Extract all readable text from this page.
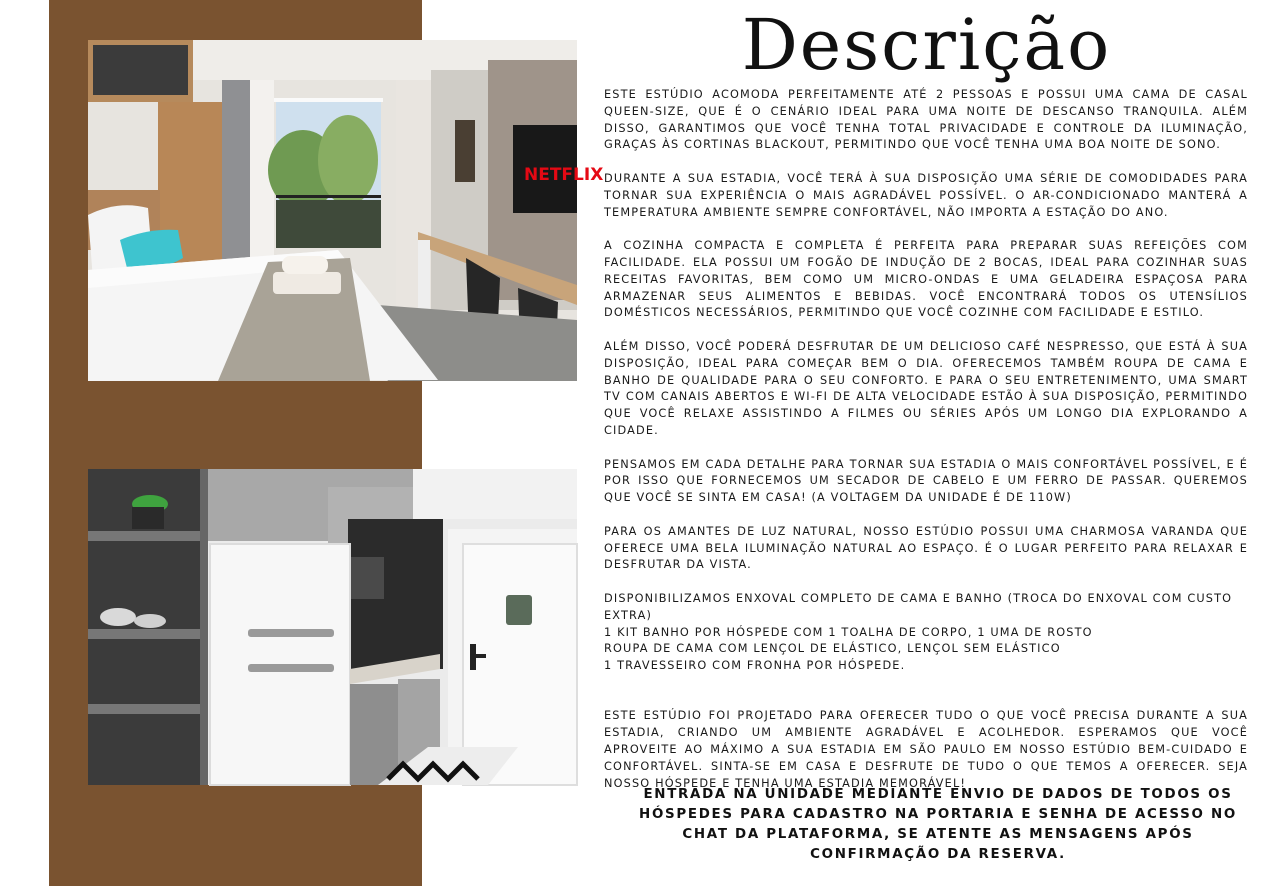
NETFLIX
Descrição

ESTE ESTÚDIO ACOMODA PERFEITAMENTE ATÉ 2 PESSOAS E POSSUI UMA CAMA DE CASAL QUEEN-SIZE, QUE É O CENÁRIO IDEAL PARA UMA NOITE DE DESCANSO TRANQUILA. ALÉM DISSO, GARANTIMOS QUE VOCÊ TENHA TOTAL PRIVACIDADE E CONTROLE DA ILUMINAÇÃO, GRAÇAS ÀS CORTINAS BLACKOUT, PERMITINDO QUE VOCÊ TENHA UMA BOA NOITE DE SONO.

DURANTE A SUA ESTADIA, VOCÊ TERÁ À SUA DISPOSIÇÃO UMA SÉRIE DE COMODIDADES PARA TORNAR SUA EXPERIÊNCIA O MAIS AGRADÁVEL POSSÍVEL. O AR-CONDICIONADO MANTERÁ A TEMPERATURA AMBIENTE SEMPRE CONFORTÁVEL, NÃO IMPORTA A ESTAÇÃO DO ANO.

A COZINHA COMPACTA E COMPLETA É PERFEITA PARA PREPARAR SUAS REFEIÇÕES COM FACILIDADE. ELA POSSUI UM FOGÃO DE INDUÇÃO DE 2 BOCAS, IDEAL PARA COZINHAR SUAS RECEITAS FAVORITAS, BEM COMO UM MICRO-ONDAS E UMA GELADEIRA ESPAÇOSA PARA ARMAZENAR SEUS ALIMENTOS E BEBIDAS. VOCÊ ENCONTRARÁ TODOS OS UTENSÍLIOS DOMÉSTICOS NECESSÁRIOS, PERMITINDO QUE VOCÊ COZINHE COM FACILIDADE E ESTILO.

ALÉM DISSO, VOCÊ PODERÁ DESFRUTAR DE UM DELICIOSO CAFÉ NESPRESSO, QUE ESTÁ À SUA DISPOSIÇÃO, IDEAL PARA COMEÇAR BEM O DIA. OFERECEMOS TAMBÉM ROUPA DE CAMA E BANHO DE QUALIDADE PARA O SEU CONFORTO. E PARA O SEU ENTRETENIMENTO, UMA SMART TV COM CANAIS ABERTOS E WI-FI DE ALTA VELOCIDADE ESTÃO À SUA DISPOSIÇÃO, PERMITINDO QUE VOCÊ RELAXE ASSISTINDO A FILMES OU SÉRIES APÓS UM LONGO DIA EXPLORANDO A CIDADE.

PENSAMOS EM CADA DETALHE PARA TORNAR SUA ESTADIA O MAIS CONFORTÁVEL POSSÍVEL, E É POR ISSO QUE FORNECEMOS UM SECADOR DE CABELO E UM FERRO DE PASSAR. QUEREMOS QUE VOCÊ SE SINTA EM CASA! (A VOLTAGEM DA UNIDADE É DE 110W)

PARA OS AMANTES DE LUZ NATURAL, NOSSO ESTÚDIO POSSUI UMA CHARMOSA VARANDA QUE OFERECE UMA BELA ILUMINAÇÃO NATURAL AO ESPAÇO. É O LUGAR PERFEITO PARA RELAXAR E DESFRUTAR DA VISTA.

DISPONIBILIZAMOS ENXOVAL COMPLETO DE CAMA E BANHO (TROCA DO ENXOVAL COM CUSTO EXTRA)
1 KIT BANHO POR HÓSPEDE COM 1 TOALHA DE CORPO, 1 UMA DE ROSTO
ROUPA DE CAMA COM LENÇOL DE ELÁSTICO, LENÇOL SEM ELÁSTICO
1 TRAVESSEIRO COM FRONHA POR HÓSPEDE.

ESTE ESTÚDIO FOI PROJETADO PARA OFERECER TUDO O QUE VOCÊ PRECISA DURANTE A SUA ESTADIA, CRIANDO UM AMBIENTE AGRADÁVEL E ACOLHEDOR. ESPERAMOS QUE VOCÊ APROVEITE AO MÁXIMO A SUA ESTADIA EM SÃO PAULO EM NOSSO ESTÚDIO BEM-CUIDADO E CONFORTÁVEL. SINTA-SE EM CASA E DESFRUTE DE TUDO O QUE TEMOS A OFERECER. SEJA NOSSO HÓSPEDE E TENHA UMA ESTADIA MEMORÁVEL!

ENTRADA NA UNIDADE MEDIANTE ENVIO DE DADOS DE TODOS OS HÓSPEDES PARA CADASTRO NA PORTARIA E SENHA DE ACESSO NO CHAT DA PLATAFORMA, SE ATENTE AS MENSAGENS APÓS CONFIRMAÇÃO DA RESERVA.
